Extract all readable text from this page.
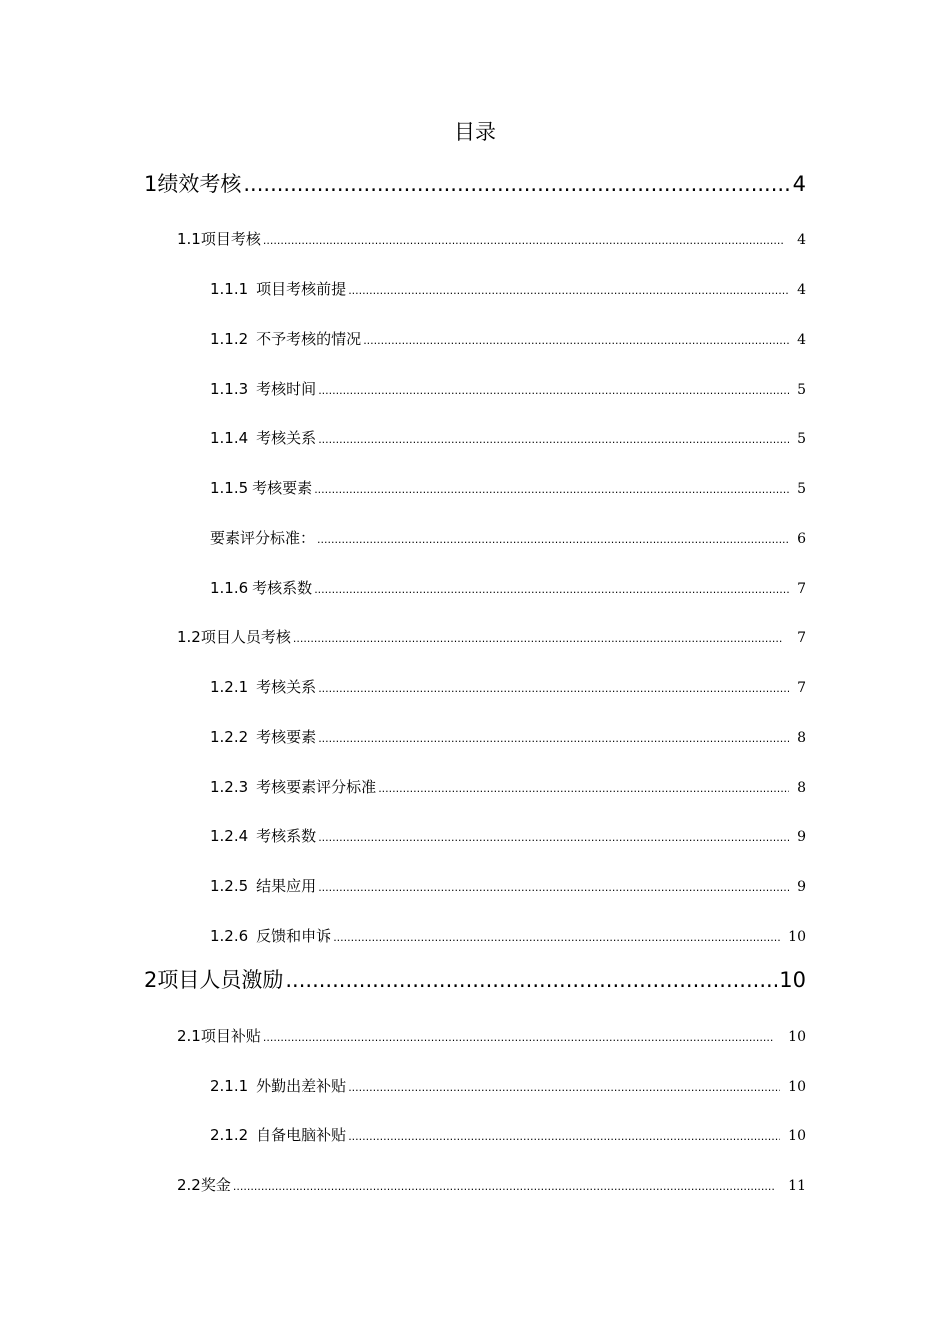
目录
1 绩效考核 .....	4
1.1 项目考核 .....	4
1.1.1 项目考核前提 .....	4
1.1.2 不予考核的情况 .....	4
1.1.3 考核时间 .....	5
1.1.4 考核关系 .....	5
1.1.5 考核要素 .....	5
要素评分标准： .....	6
1.1.6 考核系数 .....	7
1.2 项目人员考核 .....	7
1.2.1 考核关系 .....	7
1.2.2 考核要素 .....	8
1.2.3 考核要素评分标准 .....	8
1.2.4 考核系数 .....	9
1.2.5 结果应用 .....	9
1.2.6 反馈和申诉 .....	10
2 项目人员激励 .....	10
2.1 项目补贴 .....	10
2.1.1 外勤出差补贴 .....	10
2.1.2 自备电脑补贴 .....	10
2.2 奖金 .....	11
